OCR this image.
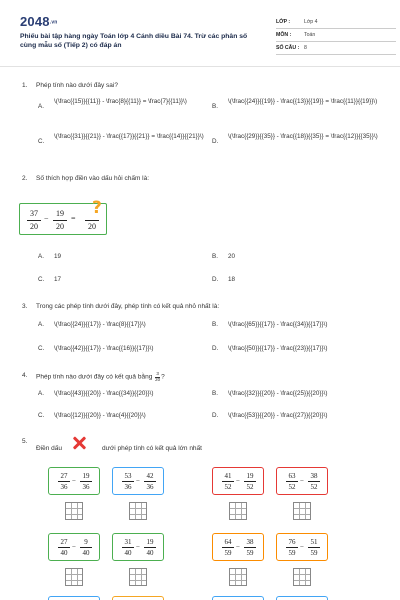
2048.vn
Phiếu bài tập hàng ngày Toán lớp 4 Cánh diều Bài 74. Trừ các phân số cùng mẫu số (Tiếp 2) có đáp án
LỚP :	Lớp 4
MÔN : Toán
SỐ CÂU : 8
1. Phép tính nào dưới đây sai?
A.
\(\frac{{15}}{{11}} - \frac{8}{{11}} = \frac{7}{{11}}\)
B.
\(\frac{{24}}{{19}} - \frac{{13}}{{19}} = \frac{{11}}{{19}}\)
C.
\(\frac{{31}}{{21}} - \frac{{17}}{{21}} = \frac{{14}}{{21}}\)
D.
\(\frac{{29}}{{35}} - \frac{{18}}{{35}} = \frac{{12}}{{35}}\)
2. Số thích hợp điền vào dấu hỏi chấm là:
A. 19	B. 20
C. 17	D. 18
37
20
−
19
20
=

20
?
3. Trong các phép tính dưới đây, phép tính có kết quả nhỏ nhất là:
A. \(\frac{{24}}{{17}} - \frac{8}{{17}}\)	B. \(\frac{{65}}{{17}} - \frac{{34}}{{17}}\)
C. \(\frac{{42}}{{17}} - \frac{{16}}{{17}}\)	D. \(\frac{{50}}{{17}} - \frac{{23}}{{17}}\)
4. Phép tính nào dưới đây có kết quả bằng $\frac{3}{20}$ ?
A. \(\frac{{43}}{{20}} - \frac{{34}}{{20}}\)	B. \(\frac{{32}}{{20}} - \frac{{25}}{{20}}\)
C. \(\frac{{12}}{{20}} - \frac{4}{{20}}\)	D. \(\frac{{53}}{{20}} - \frac{{27}}{{20}}\)
5.
Điền dấu	dưới phép tính có kết quả lớn nhất
27
36
−
19
36
53
36
−
42
36
41
52
−
19
52
63
52
−
38
52
27
40
−
9
40
31
40
−
19
40
64
59
−
38
59
76
59
−
51
59
